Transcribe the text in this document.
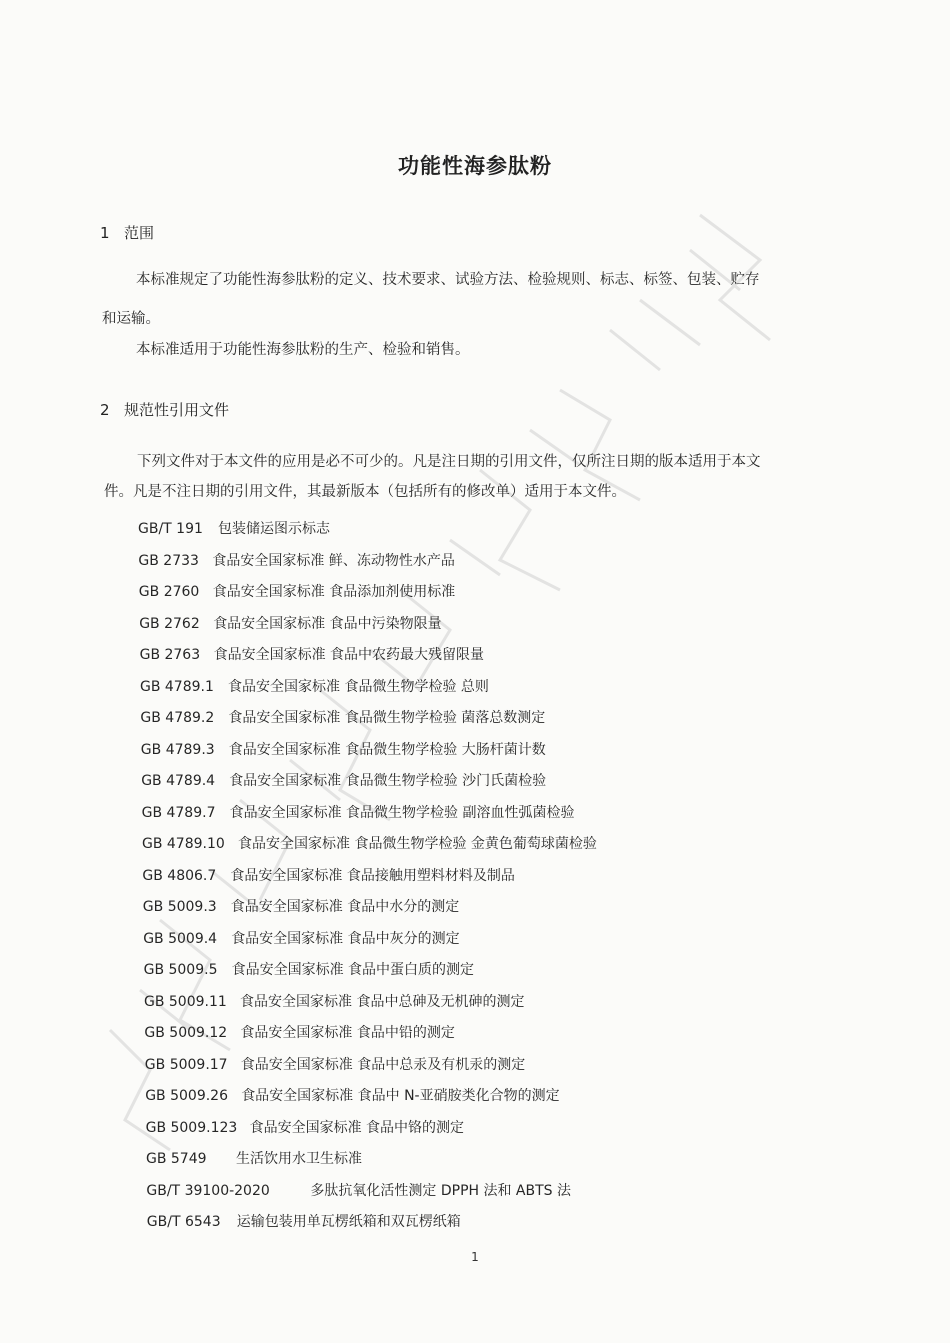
功能性海参肽粉
1 范围
本标准规定了功能性海参肽粉的定义、技术要求、试验方法、检验规则、标志、标签、包装、贮存
和运输。
本标准适用于功能性海参肽粉的生产、检验和销售。
2 规范性引用文件
下列文件对于本文件的应用是必不可少的。凡是注日期的引用文件，仅所注日期的版本适用于本文
件。凡是不注日期的引用文件，其最新版本（包括所有的修改单）适用于本文件。
GB/T 191 包装储运图示标志
GB 2733 食品安全国家标准 鲜、冻动物性水产品
GB 2760 食品安全国家标准 食品添加剂使用标准
GB 2762 食品安全国家标准 食品中污染物限量
GB 2763 食品安全国家标准 食品中农药最大残留限量
GB 4789.1 食品安全国家标准 食品微生物学检验 总则
GB 4789.2 食品安全国家标准 食品微生物学检验 菌落总数测定
GB 4789.3 食品安全国家标准 食品微生物学检验 大肠杆菌计数
GB 4789.4 食品安全国家标准 食品微生物学检验 沙门氏菌检验
GB 4789.7 食品安全国家标准 食品微生物学检验 副溶血性弧菌检验
GB 4789.10 食品安全国家标准 食品微生物学检验 金黄色葡萄球菌检验
GB 4806.7 食品安全国家标准 食品接触用塑料材料及制品
GB 5009.3 食品安全国家标准 食品中水分的测定
GB 5009.4 食品安全国家标准 食品中灰分的测定
GB 5009.5 食品安全国家标准 食品中蛋白质的测定
GB 5009.11 食品安全国家标准 食品中总砷及无机砷的测定
GB 5009.12 食品安全国家标准 食品中铅的测定
GB 5009.17 食品安全国家标准 食品中总汞及有机汞的测定
GB 5009.26 食品安全国家标准 食品中 N-亚硝胺类化合物的测定
GB 5009.123 食品安全国家标准 食品中铬的测定
GB 5749 生活饮用水卫生标准
GB/T 39100-2020	多肽抗氧化活性测定 DPPH 法和 ABTS 法
GB/T 6543 运输包装用单瓦楞纸箱和双瓦楞纸箱
1
